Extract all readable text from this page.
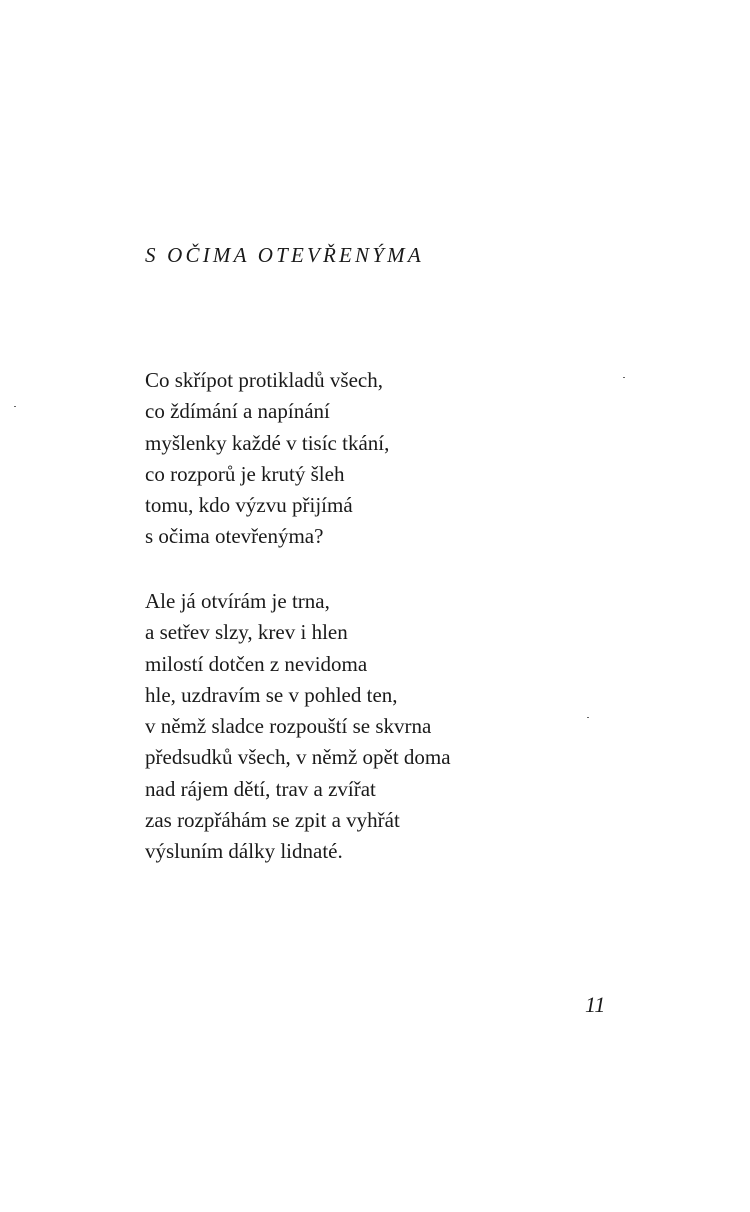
S OČIMA OTEVŘENÝMA
Co skřípot protikladů všech,
co ždímání a napínání
myšlenky každé v tisíc tkání,
co rozporů je krutý šleh
tomu, kdo výzvu přijímá
s očima otevřenýma?
Ale já otvírám je trna,
a setřev slzy, krev i hlen
milostí dotčen z nevidoma
hle, uzdravím se v pohled ten,
v němž sladce rozpouští se skvrna
předsudků všech, v němž opět doma
nad rájem dětí, trav a zvířat
zas rozpřáhám se zpit a vyhřát
výsluním dálky lidnaté.
11
